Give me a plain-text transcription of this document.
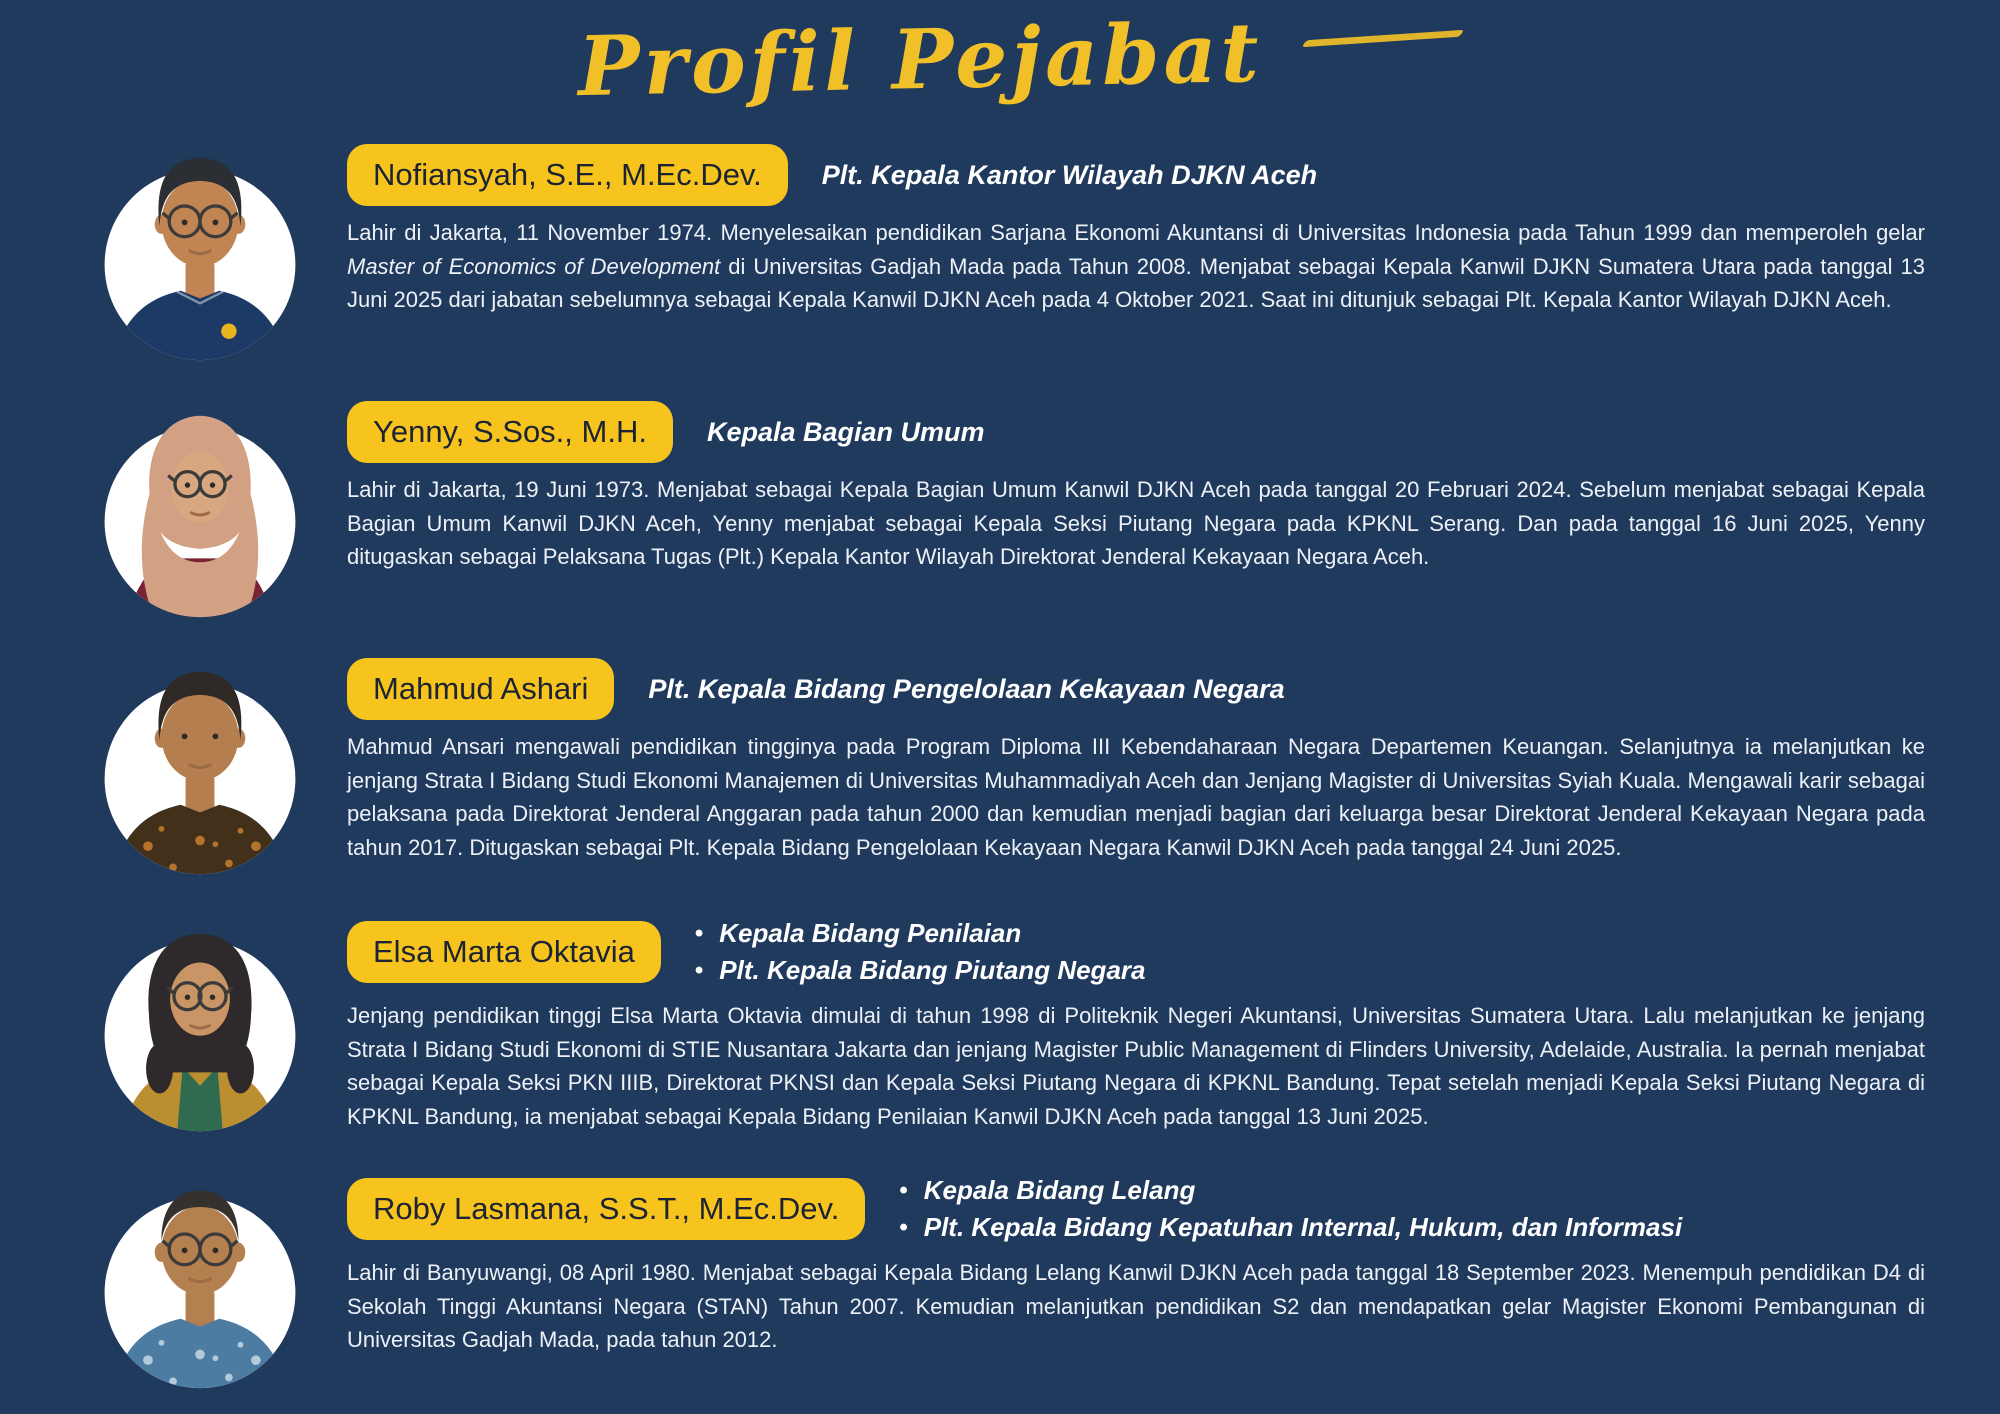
Profil Pejabat
Nofiansyah, S.E., M.Ec.Dev.	Plt. Kepala Kantor Wilayah DJKN Aceh

Lahir di Jakarta, 11 November 1974. Menyelesaikan pendidikan Sarjana Ekonomi Akuntansi di Universitas Indonesia pada Tahun 1999 dan memperoleh gelar Master of Economics of Development di Universitas Gadjah Mada pada Tahun 2008. Menjabat sebagai Kepala Kanwil DJKN Sumatera Utara pada tanggal 13 Juni 2025 dari jabatan sebelumnya sebagai Kepala Kanwil DJKN Aceh pada 4 Oktober 2021. Saat ini ditunjuk sebagai Plt. Kepala Kantor Wilayah DJKN Aceh.

Yenny, S.Sos., M.H.	Kepala Bagian Umum

Lahir di Jakarta, 19 Juni 1973. Menjabat sebagai Kepala Bagian Umum Kanwil DJKN Aceh pada tanggal 20 Februari 2024. Sebelum menjabat sebagai Kepala Bagian Umum Kanwil DJKN Aceh, Yenny menjabat sebagai Kepala Seksi Piutang Negara pada KPKNL Serang. Dan pada tanggal 16 Juni 2025, Yenny ditugaskan sebagai Pelaksana Tugas (Plt.) Kepala Kantor Wilayah Direktorat Jenderal Kekayaan Negara Aceh.

Mahmud Ashari	Plt. Kepala Bidang Pengelolaan Kekayaan Negara

Mahmud Ansari mengawali pendidikan tingginya pada Program Diploma III Kebendaharaan Negara Departemen Keuangan. Selanjutnya ia melanjutkan ke jenjang Strata I Bidang Studi Ekonomi Manajemen di Universitas Muhammadiyah Aceh dan Jenjang Magister di Universitas Syiah Kuala. Mengawali karir sebagai pelaksana pada Direktorat Jenderal Anggaran pada tahun 2000 dan kemudian menjadi bagian dari keluarga besar Direktorat Jenderal Kekayaan Negara pada tahun 2017. Ditugaskan sebagai Plt. Kepala Bidang Pengelolaan Kekayaan Negara Kanwil DJKN Aceh pada tanggal 24 Juni 2025.

Elsa Marta Oktavia
• Kepala Bidang Penilaian
• Plt. Kepala Bidang Piutang Negara

Jenjang pendidikan tinggi Elsa Marta Oktavia dimulai di tahun 1998 di Politeknik Negeri Akuntansi, Universitas Sumatera Utara. Lalu melanjutkan ke jenjang Strata I Bidang Studi Ekonomi di STIE Nusantara Jakarta dan jenjang Magister Public Management di Flinders University, Adelaide, Australia. Ia pernah menjabat sebagai Kepala Seksi PKN IIIB, Direktorat PKNSI dan Kepala Seksi Piutang Negara di KPKNL Bandung. Tepat setelah menjadi Kepala Seksi Piutang Negara di KPKNL Bandung, ia menjabat sebagai Kepala Bidang Penilaian Kanwil DJKN Aceh pada tanggal 13 Juni 2025.

Roby Lasmana, S.S.T., M.Ec.Dev.
• Kepala Bidang Lelang
• Plt. Kepala Bidang Kepatuhan Internal, Hukum, dan Informasi

Lahir di Banyuwangi, 08 April 1980. Menjabat sebagai Kepala Bidang Lelang Kanwil DJKN Aceh pada tanggal 18 September 2023. Menempuh pendidikan D4 di Sekolah Tinggi Akuntansi Negara (STAN) Tahun 2007. Kemudian melanjutkan pendidikan S2 dan mendapatkan gelar Magister Ekonomi Pembangunan di Universitas Gadjah Mada, pada tahun 2012.
